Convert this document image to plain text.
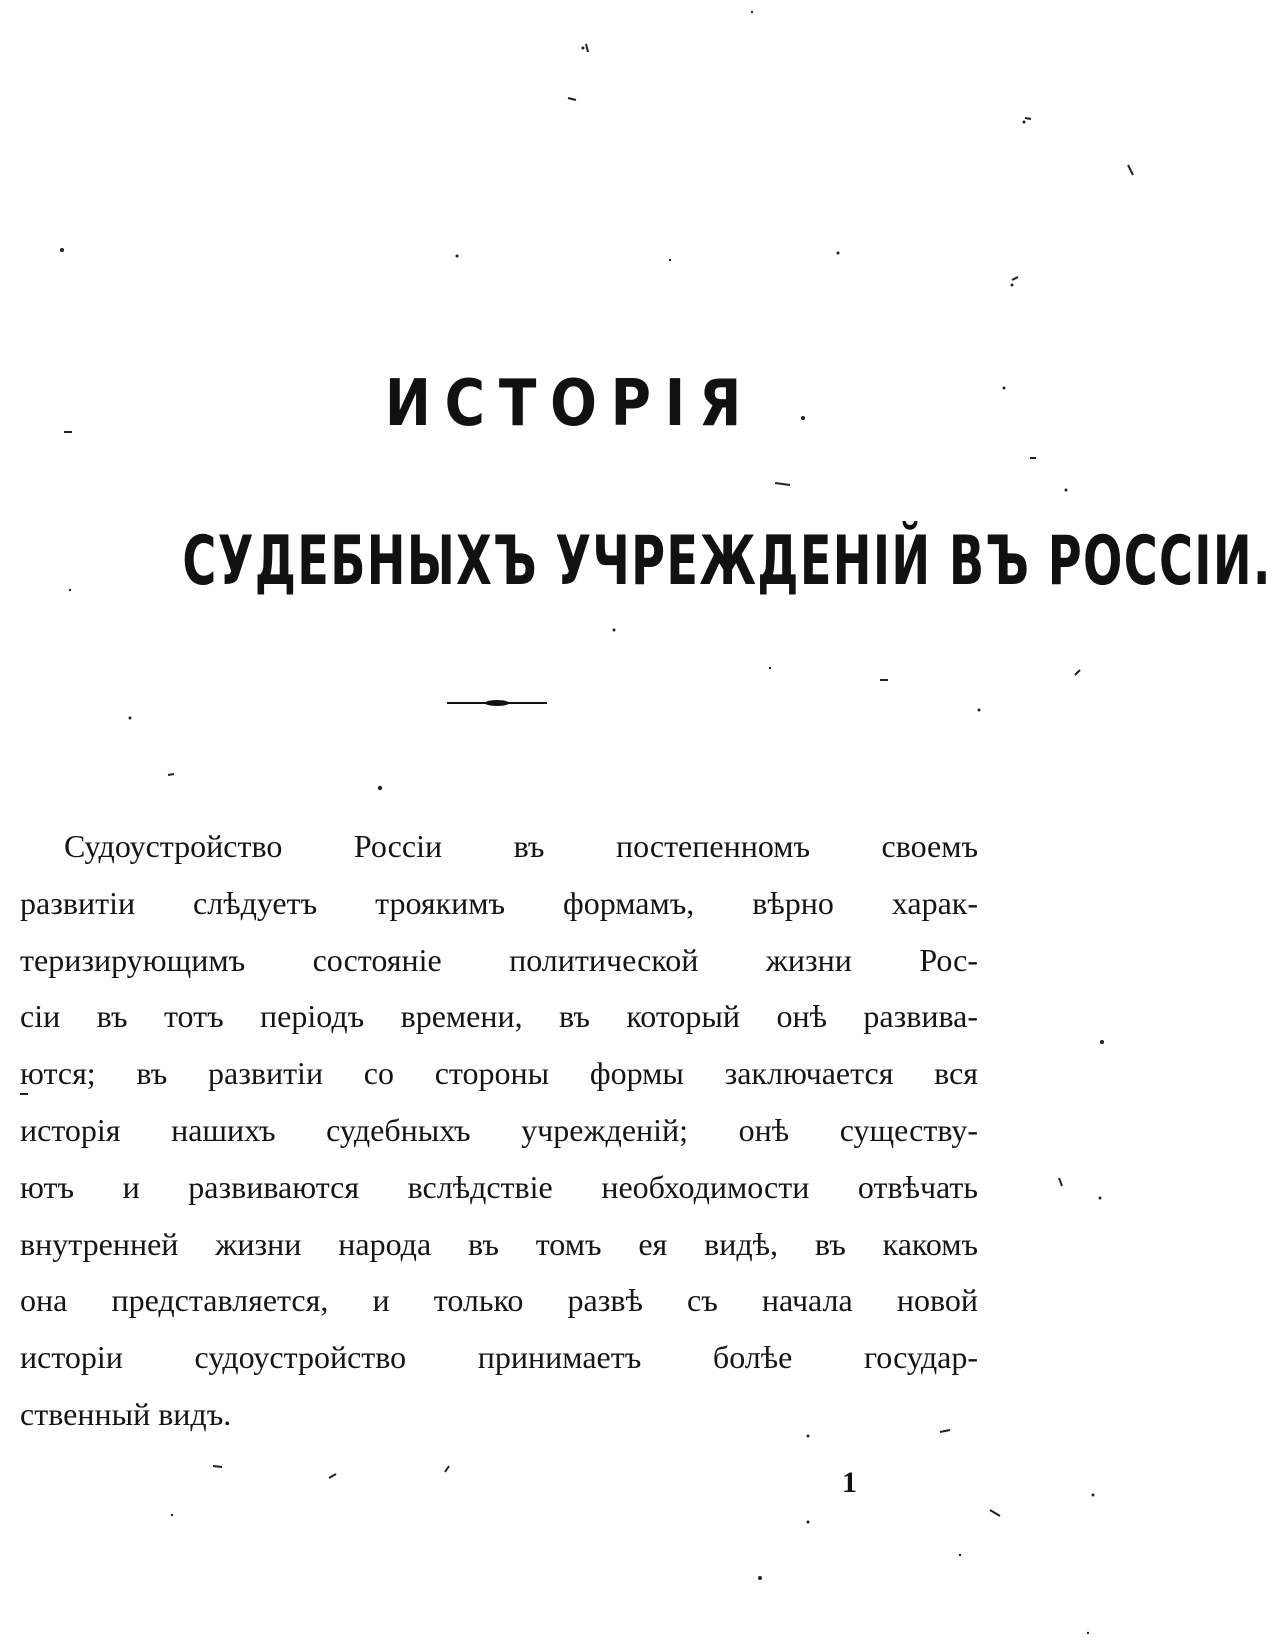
ИСТОРІЯ
СУДЕБНЫХЪ УЧРЕЖДЕНІЙ ВЪ РОССІИ.
Судоустройство Россіи въ постепенномъ своемъ
развитіи слѣдуетъ троякимъ формамъ, вѣрно харак-
теризирующимъ состояніе политической жизни Рос-
сіи въ тотъ періодъ времени, въ который онѣ развива-
ются; въ развитіи со стороны формы заключается вся
исторія нашихъ судебныхъ учрежденій; онѣ существу-
ютъ и развиваются вслѣдствіе необходимости отвѣчать
внутренней жизни народа въ томъ ея видѣ, въ какомъ
она представляется, и только развѣ съ начала новой
исторіи судоустройство принимаетъ болѣе государ-
ственный видъ.
1
